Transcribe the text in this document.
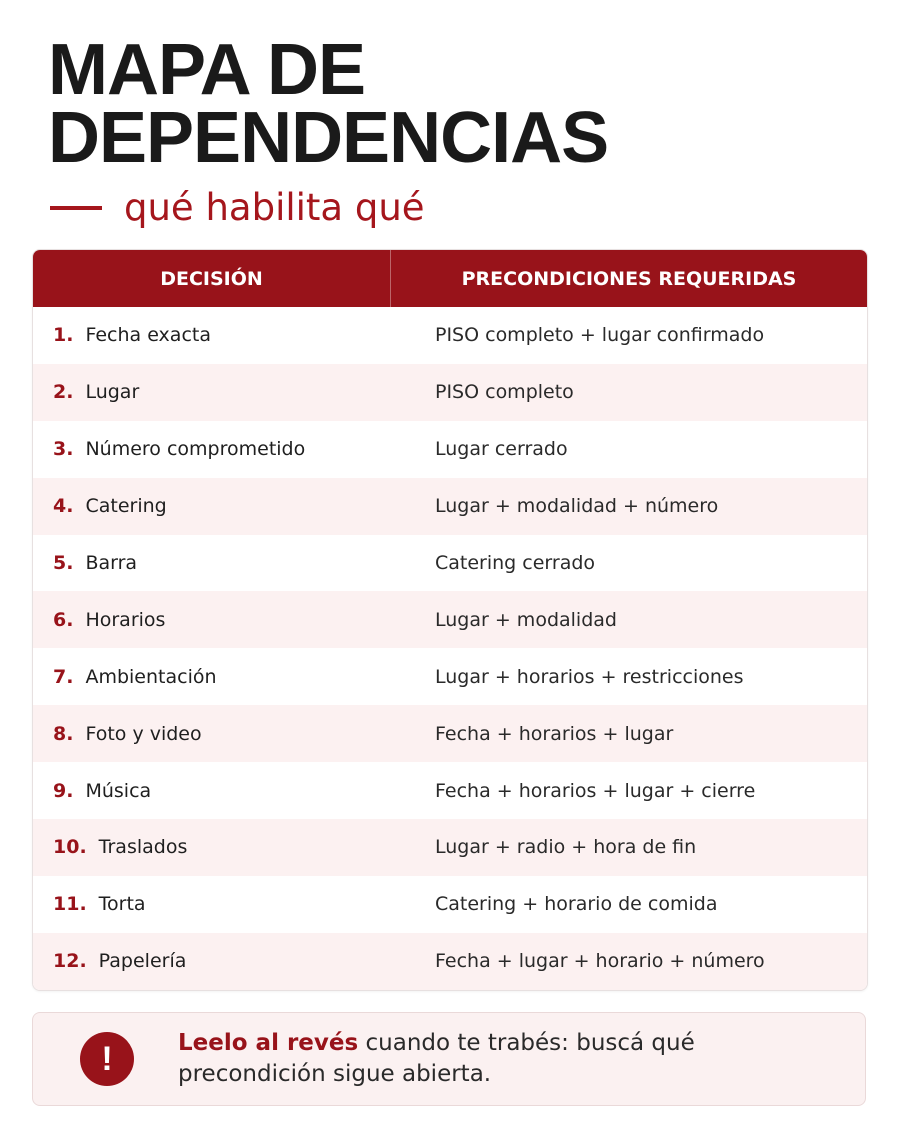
MAPA DE
DEPENDENCIAS
qué habilita qué
DECISIÓN	PRECONDICIONES REQUERIDAS
1. Fecha exacta	PISO completo + lugar confirmado
2. Lugar	PISO completo
3. Número comprometido	Lugar cerrado
4. Catering	Lugar + modalidad + número
5. Barra	Catering cerrado
6. Horarios	Lugar + modalidad
7. Ambientación	Lugar + horarios + restricciones
8. Foto y video	Fecha + horarios + lugar
9. Música	Fecha + horarios + lugar + cierre
10. Traslados	Lugar + radio + hora de fin
11. Torta	Catering + horario de comida
12. Papelería	Fecha + lugar + horario + número
!	Leelo al revés cuando te trabés: buscá qué precondición sigue abierta.
